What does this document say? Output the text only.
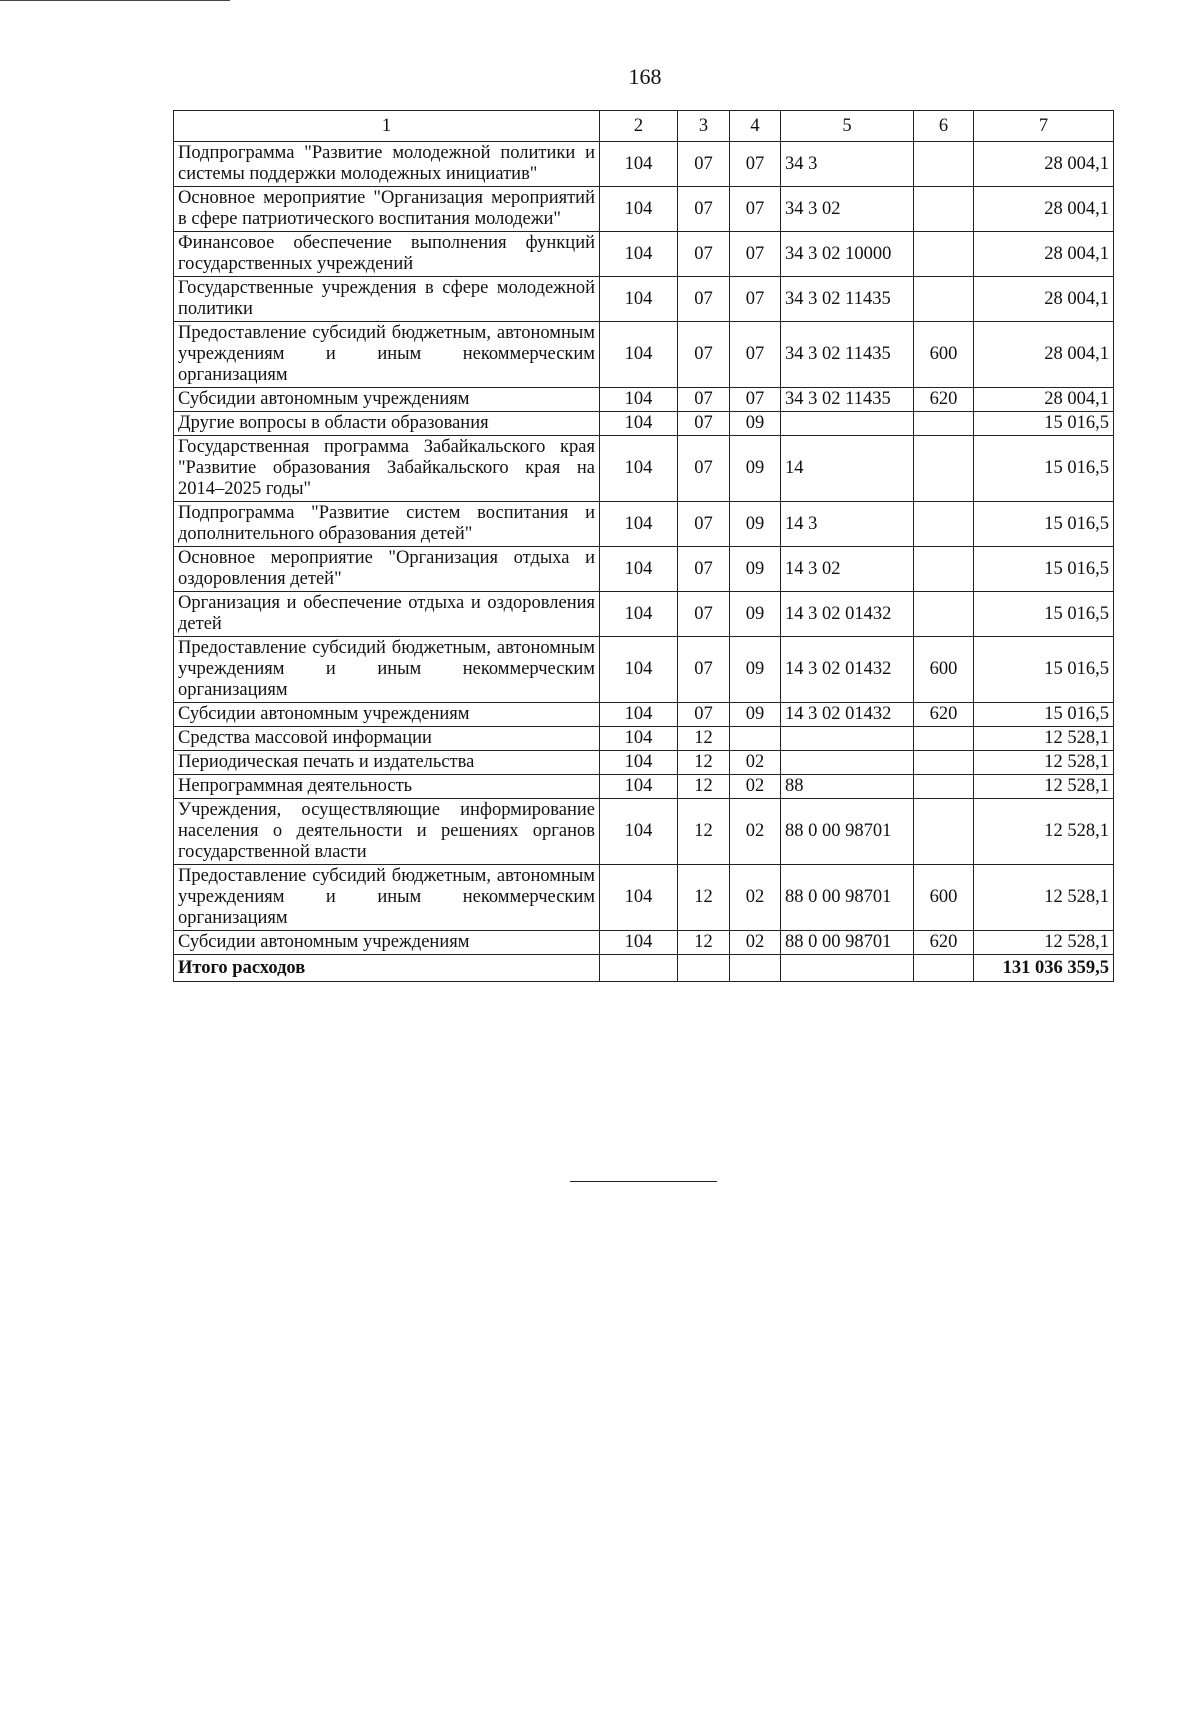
168
1	2	3	4	5	6	7
Подпрограмма "Развитие молодежной политики и системы поддержки молодежных инициатив"	104	07	07	34 3		28 004,1
Основное мероприятие "Организация мероприятий в сфере патриотического воспитания молодежи"	104	07	07	34 3 02		28 004,1
Финансовое обеспечение выполнения функций государственных учреждений	104	07	07	34 3 02 10000		28 004,1
Государственные учреждения в сфере молодежной политики	104	07	07	34 3 02 11435		28 004,1
Предоставление субсидий бюджетным, автономным учреждениям и иным некоммерческим организациям	104	07	07	34 3 02 11435	600	28 004,1
Субсидии автономным учреждениям	104	07	07	34 3 02 11435	620	28 004,1
Другие вопросы в области образования	104	07	09			15 016,5
Государственная программа Забайкальского края "Развитие образования Забайкальского края на 2014–2025 годы"	104	07	09	14		15 016,5
Подпрограмма "Развитие систем воспитания и дополнительного образования детей"	104	07	09	14 3		15 016,5
Основное мероприятие "Организация отдыха и оздоровления детей"	104	07	09	14 3 02		15 016,5
Организация и обеспечение отдыха и оздоровления детей	104	07	09	14 3 02 01432		15 016,5
Предоставление субсидий бюджетным, автономным учреждениям и иным некоммерческим организациям	104	07	09	14 3 02 01432	600	15 016,5
Субсидии автономным учреждениям	104	07	09	14 3 02 01432	620	15 016,5
Средства массовой информации	104	12				12 528,1
Периодическая печать и издательства	104	12	02			12 528,1
Непрограммная деятельность	104	12	02	88		12 528,1
Учреждения, осуществляющие информирование населения о деятельности и решениях органов государственной власти	104	12	02	88 0 00 98701		12 528,1
Предоставление субсидий бюджетным, автономным учреждениям и иным некоммерческим организациям	104	12	02	88 0 00 98701	600	12 528,1
Субсидии автономным учреждениям	104	12	02	88 0 00 98701	620	12 528,1
Итого расходов						131 036 359,5
